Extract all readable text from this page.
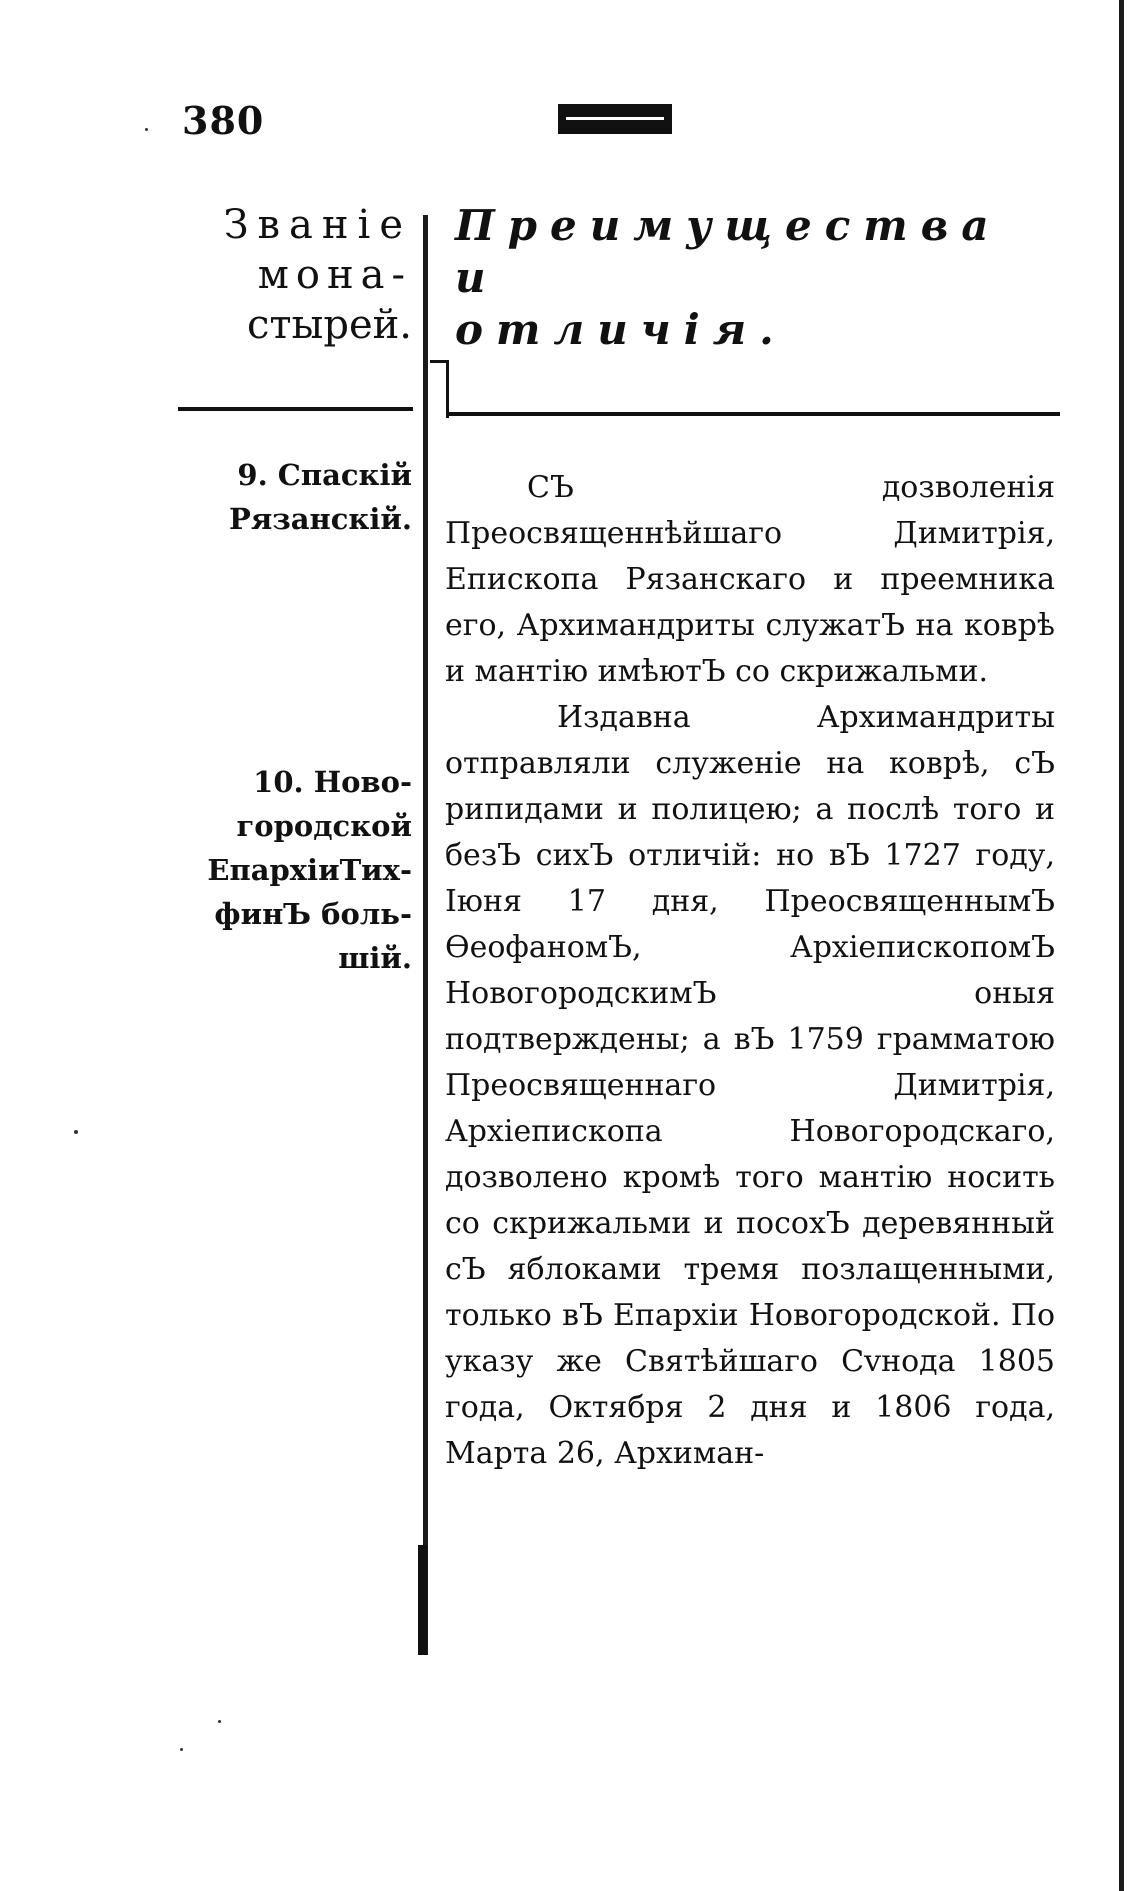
380
Званіе
монa-
стырей.
Преимущества и
отличія.
9. Спаскій
Рязанскій.
10. Ново-
городской
ЕпархіиТих-
финЪ боль-
шій.

СЪ дозволенія Преосвященнѣйшаго Димитрія, Епископа Рязанскаго и преемника его, Архимандриты служатЪ на коврѣ и мантію имѣютЪ со скрижальми.

Издавна Архимандриты отправляли служеніе на коврѣ, сЪ рипидами и полицею; а послѣ того и безЪ сихЪ отличій: но вЪ 1727 году, Іюня 17 дня, ПреосвященнымЪ ѲеофаномЪ, АрхіепископомЪ НовогородскимЪ оныя подтверждены; а вЪ 1759 грамматою Преосвященнаго Димитрія, Архіепископа Новогородскаго, дозволено кромѣ того мантію носить со скрижальми и посохЪ деревянный сЪ яблоками тремя позлащенными, только вЪ Епархіи Новогородской. По указу же Святѣйшаго Сvнода 1805 года, Октября 2 дня и 1806 года, Марта 26, Архиман-
